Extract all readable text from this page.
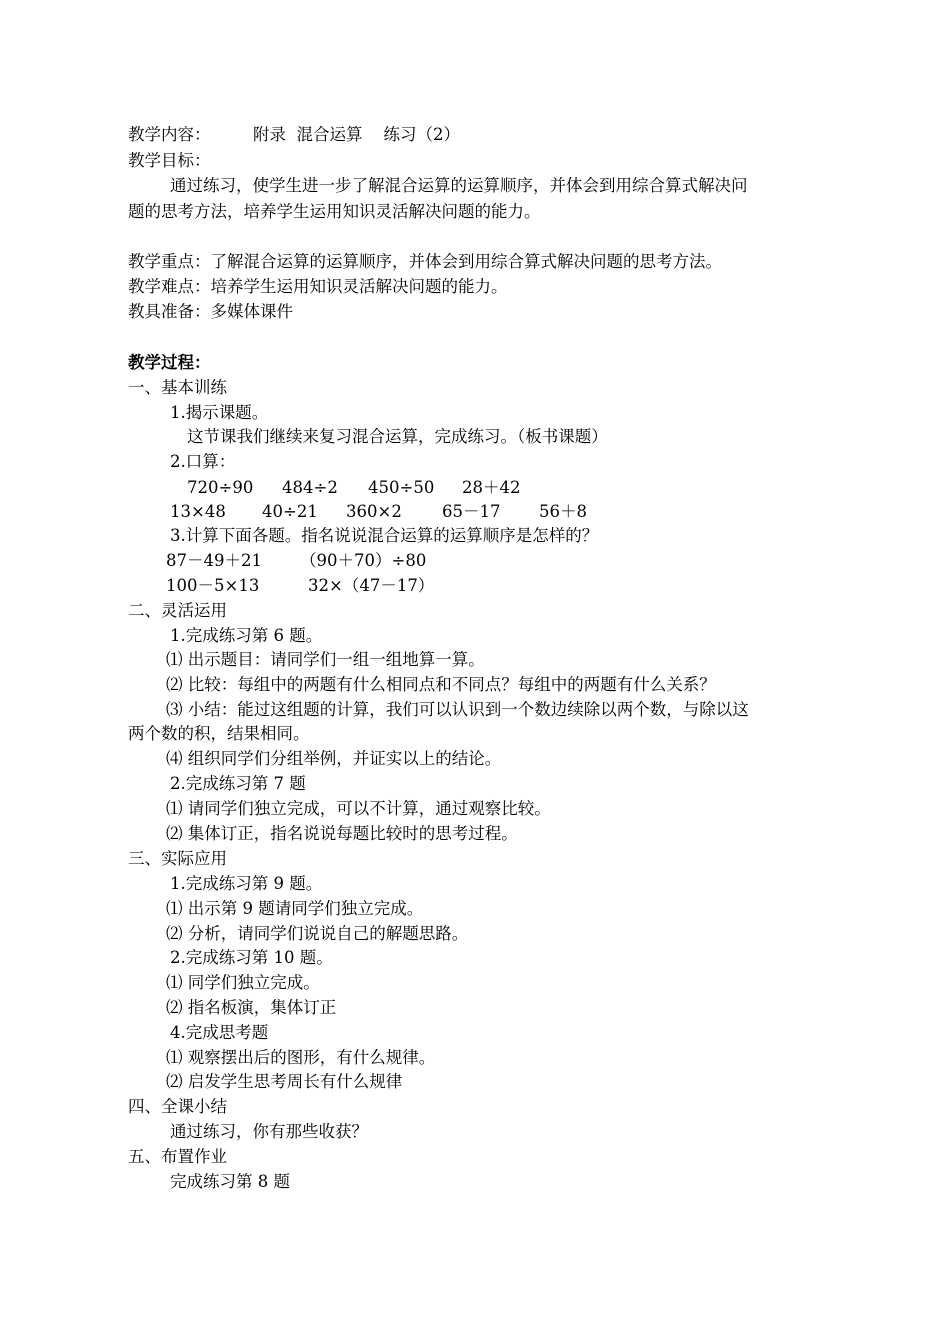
教学内容：	附录  混合运算    练习（2）
教学目标：
通过练习，使学生进一步了解混合运算的运算顺序，并体会到用综合算式解决问
题的思考方法，培养学生运用知识灵活解决问题的能力。
教学重点：了解混合运算的运算顺序，并体会到用综合算式解决问题的思考方法。
教学难点：培养学生运用知识灵活解决问题的能力。
教具准备：多媒体课件
教学过程：
一、基本训练
1.揭示课题。
这节课我们继续来复习混合运算，完成练习。（板书课题）
2.口算：
720÷90 484÷2 450÷50 28＋42
13×48 40÷21 360×2 65－17 56＋8
3.计算下面各题。指名说说混合运算的运算顺序是怎样的？
87－49＋21 （90＋70）÷80
100－5×13	32×（47－17）
二、灵活运用
1.完成练习第 6 题。
⑴ 出示题目：请同学们一组一组地算一算。
⑵ 比较：每组中的两题有什么相同点和不同点？每组中的两题有什么关系？
⑶ 小结：能过这组题的计算，我们可以认识到一个数边续除以两个数，与除以这
两个数的积，结果相同。
⑷ 组织同学们分组举例，并证实以上的结论。
2.完成练习第 7 题
⑴ 请同学们独立完成，可以不计算，通过观察比较。
⑵ 集体订正，指名说说每题比较时的思考过程。
三、实际应用
1.完成练习第 9 题。
⑴ 出示第 9 题请同学们独立完成。
⑵ 分析，请同学们说说自己的解题思路。
2.完成练习第 10 题。
⑴ 同学们独立完成。
⑵ 指名板演，集体订正
4.完成思考题
⑴ 观察摆出后的图形，有什么规律。
⑵ 启发学生思考周长有什么规律
四、全课小结
通过练习，你有那些收获？
五、布置作业
完成练习第 8 题
